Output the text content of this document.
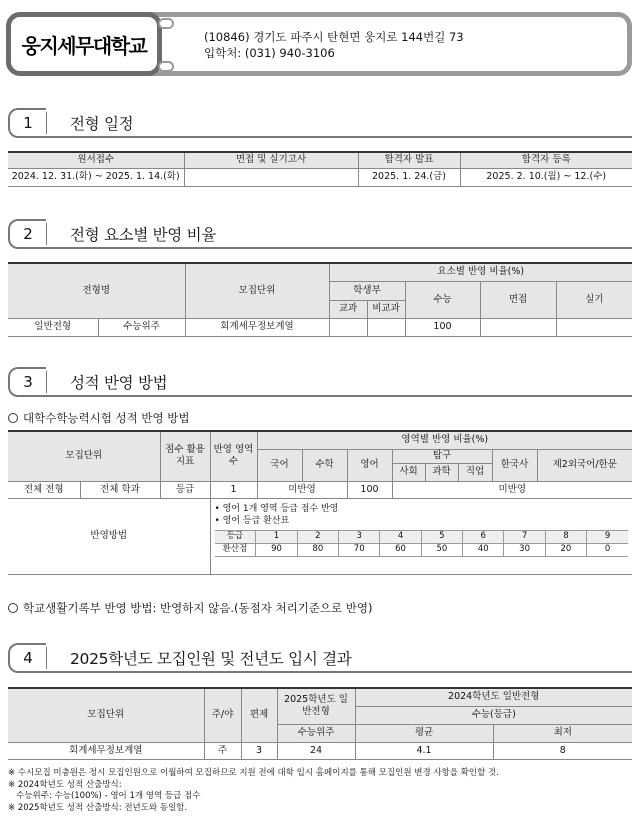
웅지세무대학교	(10846) 경기도 파주시 탄현면 웅지로 144번길 73
입학처: (031) 940-3106
1	전형 일정
원서접수	면접 및 실기고사	합격자 발표	합격자 등록
2024. 12. 31.(화) ~ 2025. 1. 14.(화)		2025. 1. 24.(금)	2025. 2. 10.(월) ~ 12.(수)
2	전형 요소별 반영 비율
전형명		모집단위	요소별 반영 비율(%)				
			학생부		수능	면접	실기
			교과	비교과			
일반전형	수능위주	회계세무정보계열			100		
3	성적 반영 방법
대학수학능력시험 성적 반영 방법
모집단위	점수 활용 지표	반영 영역수	영역별 반영 비율(%)
국어	수학	영어	탐구	한국사	제2외국어/한문
사회	과학	직업
전체 전형	전체 학과	등급	1	미반영	100	미반영
반영방법	
• 영어 1개 영역 등급 점수 반영
• 영어 등급 환산표
등급	1	2	3	4	5	6	7	8	9
환산점	90	80	70	60	50	40	30	20	0
학교생활기록부 반영 방법: 반영하지 않음.(동점자 처리기준으로 반영)
4	2025학년도 모집인원 및 전년도 입시 결과
모집단위	주/야	편제	2025학년도 일반전형	2024학년도 일반전형	
				수능(등급)	
			수능위주	평균	최저
회계세무정보계열	주	3	24	4.1	8
※ 수시모집 미충원은 정시 모집인원으로 이월하여 모집하므로 지원 전에 대학 입시 홈페이지를 통해 모집인원 변경 사항을 확인할 것.
※ 2024학년도 성적 산출방식:
수능위주: 수능(100%) - 영어 1개 영역 등급 점수
※ 2025학년도 성적 산출방식: 전년도와 동일함.
